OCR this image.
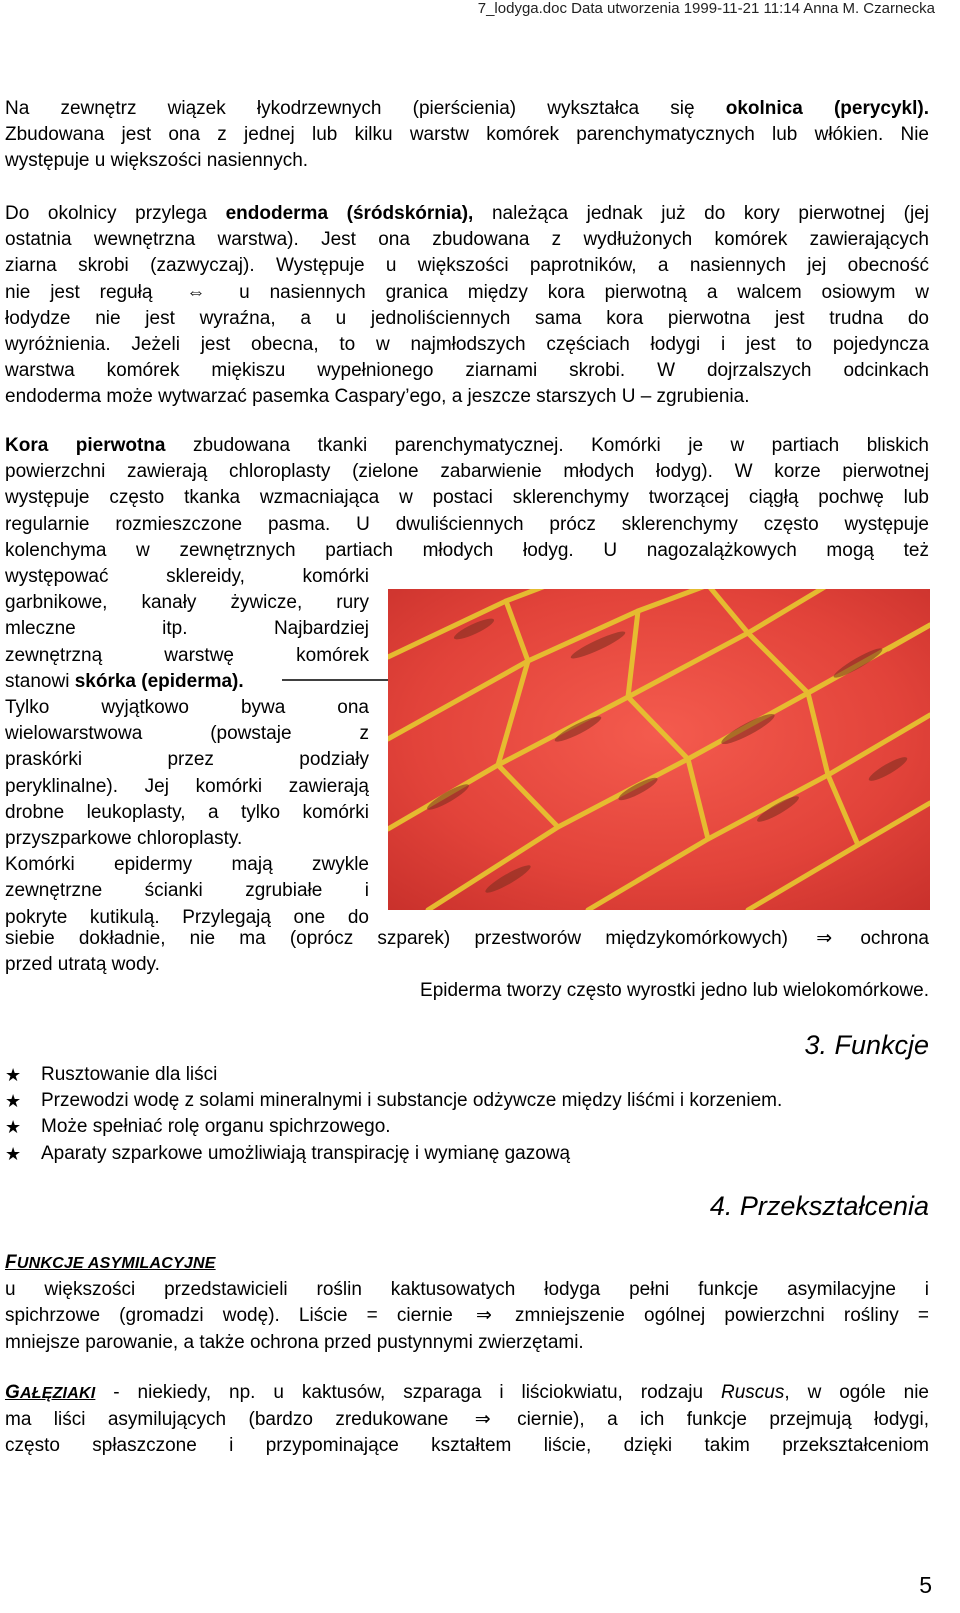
7_lodyga.doc Data utworzenia 1999-11-21 11:14 Anna M. Czarnecka
Na zewnętrz wiązek łykodrzewnych (pierścienia) wykształca się okolnica (perycykl).
Zbudowana jest ona z jednej lub kilku warstw komórek parenchymatycznych lub włókien. Nie
występuje u większości nasiennych.
Do okolnicy przylega endoderma (śródskórnia), należąca jednak już do kory pierwotnej (jej
ostatnia wewnętrzna warstwa). Jest ona zbudowana z wydłużonych komórek zawierających
ziarna skrobi (zazwyczaj). Występuje u większości paprotników, a nasiennych jej obecność
nie jest regułą ⇔ u nasiennych granica między kora pierwotną a walcem osiowym w
łodydze nie jest wyraźna, a u jednoliściennych sama kora pierwotna jest trudna do
wyróżnienia. Jeżeli jest obecna, to w najmłodszych częściach łodygi i jest to pojedyncza
warstwa komórek miękiszu wypełnionego ziarnami skrobi. W dojrzalszych odcinkach
endoderma może wytwarzać pasemka Caspary’ego, a jeszcze starszych U – zgrubienia.
Kora pierwotna zbudowana tkanki parenchymatycznej. Komórki je w partiach bliskich
powierzchni zawierają chloroplasty (zielone zabarwienie młodych łodyg). W korze pierwotnej
występuje często tkanka wzmacniająca w postaci sklerenchymy tworzącej ciągłą pochwę lub
regularnie rozmieszczone pasma. U dwuliściennych prócz sklerenchymy często występuje
kolenchyma w zewnętrznych partiach młodych łodyg. U nagozalążkowych mogą też
występować sklereidy, komórki
garbnikowe, kanały żywicze, rury
mleczne itp. Najbardziej
zewnętrzną warstwę komórek
stanowi skórka (epiderma).
Tylko wyjątkowo bywa ona
wielowarstwowa (powstaje z
praskórki przez podziały
peryklinalne). Jej komórki zawierają
drobne leukoplasty, a tylko komórki
przyszparkowe chloroplasty.
Komórki epidermy mają zwykle
zewnętrzne ścianki zgrubiałe i
pokryte kutikulą. Przylegają one do
siebie dokładnie, nie ma (oprócz szparek) przestworów międzykomórkowych) ⇒ ochrona
przed utratą wody.
Epiderma tworzy często wyrostki jedno lub wielokomórkowe.
3. Funkcje
★	Rusztowanie dla liści
★	Przewodzi wodę z solami mineralnymi i substancje odżywcze między liśćmi i korzeniem.
★	Może spełniać rolę organu spichrzowego.
★	Aparaty szparkowe umożliwiają transpirację i wymianę gazową
4. Przekształcenia
FUNKCJE ASYMILACYJNE
u większości przedstawicieli roślin kaktusowatych łodyga pełni funkcje asymilacyjne i
spichrzowe (gromadzi wodę). Liście = ciernie ⇒ zmniejszenie ogólnej powierzchni rośliny =
mniejsze parowanie, a także ochrona przed pustynnymi zwierzętami.
GAŁĘZIAKI - niekiedy, np. u kaktusów, szparaga i liściokwiatu, rodzaju Ruscus, w ogóle nie
ma liści asymilujących (bardzo zredukowane ⇒ ciernie), a ich funkcje przejmują łodygi,
często spłaszczone i przypominające kształtem liście, dzięki takim przekształceniom
5
